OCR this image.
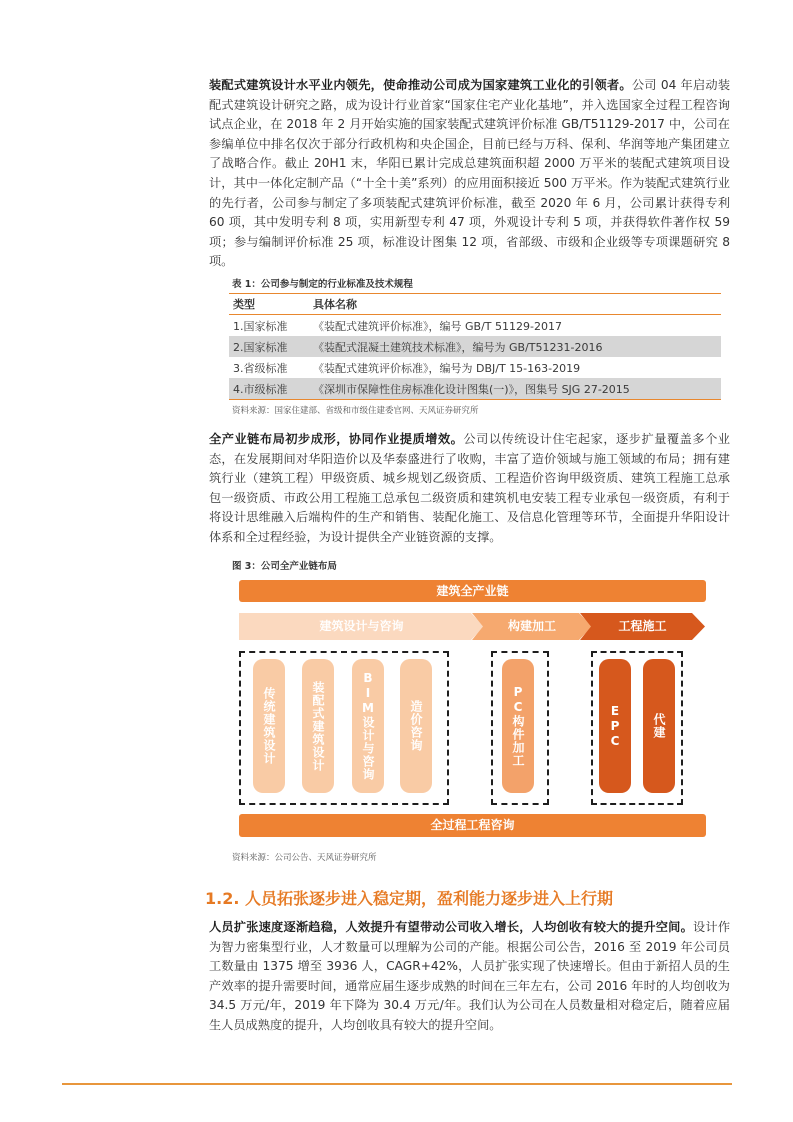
装配式建筑设计水平业内领先，使命推动公司成为国家建筑工业化的引领者。公司 04 年启动装配式建筑设计研究之路，成为设计行业首家“国家住宅产业化基地”，并入选国家全过程工程咨询试点企业，在 2018 年 2 月开始实施的国家装配式建筑评价标准 GB/T51129-2017 中，公司在参编单位中排名仅次于部分行政机构和央企国企，目前已经与万科、保利、华润等地产集团建立了战略合作。截止 20H1 末，华阳已累计完成总建筑面积超 2000 万平米的装配式建筑项目设计，其中一体化定制产品（“十全十美”系列）的应用面积接近 500 万平米。作为装配式建筑行业的先行者，公司参与制定了多项装配式建筑评价标准，截至 2020 年 6 月，公司累计获得专利 60 项，其中发明专利 8 项，实用新型专利 47 项，外观设计专利 5 项，并获得软件著作权 59 项；参与编制评价标准 25 项，标准设计图集 12 项，省部级、市级和企业级等专项课题研究 8 项。

表 1：公司参与制定的行业标准及技术规程
类型	具体名称
1.国家标准	《装配式建筑评价标准》，编号 GB/T 51129-2017
2.国家标准	《装配式混凝土建筑技术标准》，编号为 GB/T51231-2016
3.省级标准	《装配式建筑评价标准》，编号为 DBJ/T 15-163-2019
4.市级标准	《深圳市保障性住房标准化设计图集(一)》，图集号 SJG 27-2015
资料来源：国家住建部、省级和市级住建委官网、天风证券研究所

全产业链布局初步成形，协同作业提质增效。公司以传统设计住宅起家，逐步扩量覆盖多个业态，在发展期间对华阳造价以及华泰盛进行了收购，丰富了造价领域与施工领域的布局；拥有建筑行业（建筑工程）甲级资质、城乡规划乙级资质、工程造价咨询甲级资质、建筑工程施工总承包一级资质、市政公用工程施工总承包二级资质和建筑机电安装工程专业承包一级资质，有利于将设计思维融入后端构件的生产和销售、装配化施工、及信息化管理等环节，全面提升华阳设计体系和全过程经验，为设计提供全产业链资源的支撑。

图 3：公司全产业链布局
建筑全产业链
建筑设计与咨询	构建加工	工程施工
传统建筑设计	装配式建筑设计	BIM设计与咨询	造价咨询	PC构件加工	EPC	代建
全过程工程咨询
资料来源：公司公告、天风证券研究所
1.2. 人员拓张逐步进入稳定期，盈利能力逐步进入上行期

人员扩张速度逐渐趋稳，人效提升有望带动公司收入增长，人均创收有较大的提升空间。设计作为智力密集型行业，人才数量可以理解为公司的产能。根据公司公告，2016 至 2019 年公司员工数量由 1375 增至 3936 人，CAGR+42%，人员扩张实现了快速增长。但由于新招人员的生产效率的提升需要时间，通常应届生逐步成熟的时间在三年左右，公司 2016 年时的人均创收为 34.5 万元/年，2019 年下降为 30.4 万元/年。我们认为公司在人员数量相对稳定后，随着应届生人员成熟度的提升，人均创收具有较大的提升空间。
